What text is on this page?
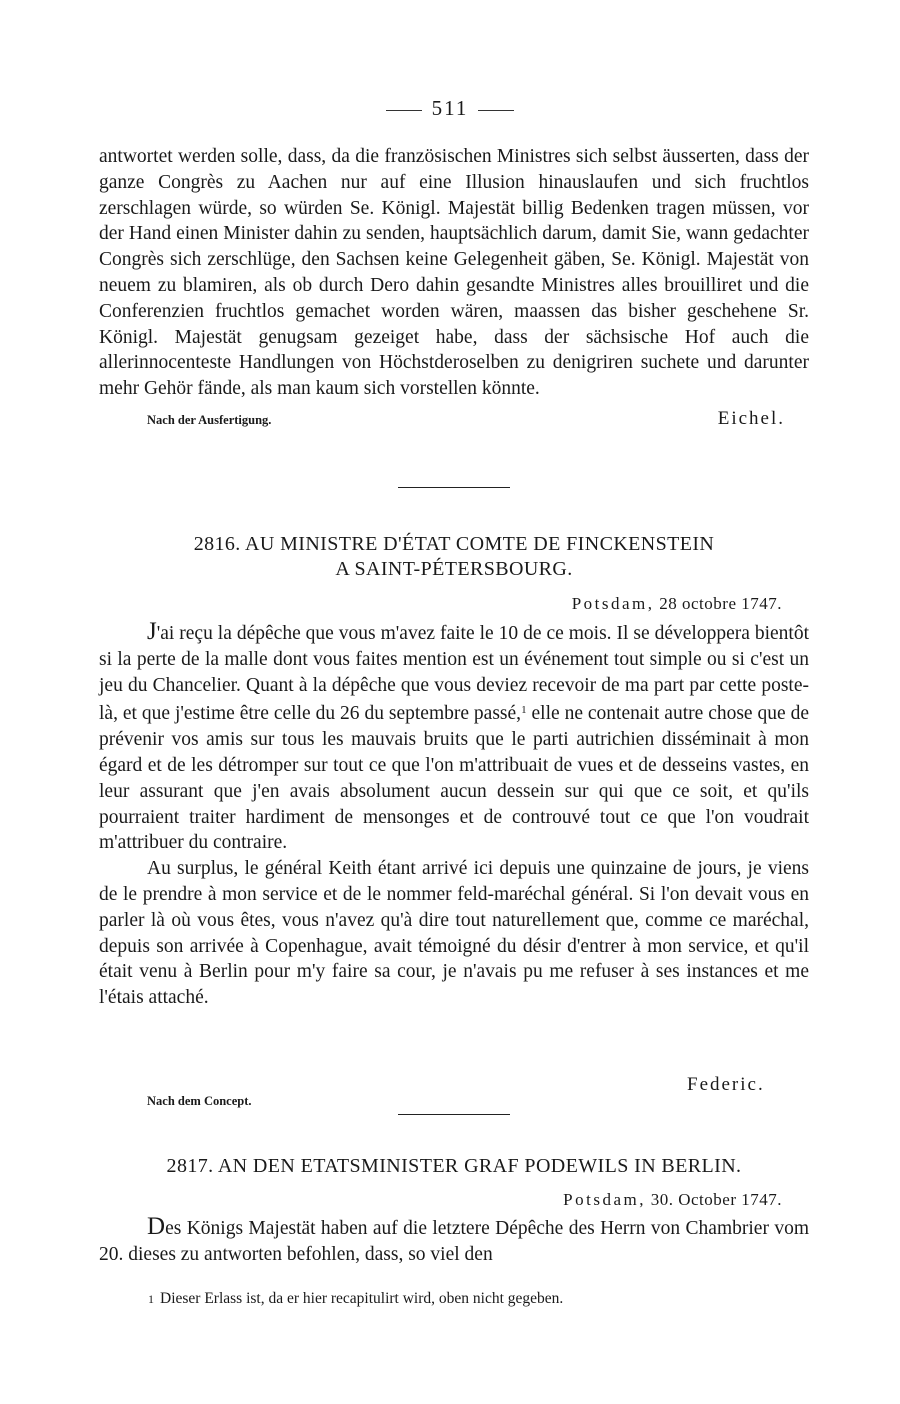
511

antwortet werden solle, dass, da die französischen Ministres sich selbst äusserten, dass der ganze Congrès zu Aachen nur auf eine Illusion hinauslaufen und sich fruchtlos zerschlagen würde, so würden Se. Königl. Majestät billig Bedenken tragen müssen, vor der Hand einen Minister dahin zu senden, hauptsächlich darum, damit Sie, wann gedachter Congrès sich zerschlüge, den Sachsen keine Gelegenheit gäben, Se. Königl. Majestät von neuem zu blamiren, als ob durch Dero dahin gesandte Ministres alles brouilliret und die Conferenzien fruchtlos gemachet worden wären, maassen das bisher geschehene Sr. Königl. Majestät genugsam gezeiget habe, dass der sächsische Hof auch die allerinnocenteste Handlungen von Höchstderoselben zu denigriren suchete und darunter mehr Gehör fände, als man kaum sich vorstellen könnte.

Nach der Ausfertigung.	Eichel.
2816. AU MINISTRE D'ÉTAT COMTE DE FINCKENSTEIN
A SAINT-PÉTERSBOURG.
Potsdam, 28 octobre 1747.

J'ai reçu la dépêche que vous m'avez faite le 10 de ce mois. Il se développera bientôt si la perte de la malle dont vous faites mention est un événement tout simple ou si c'est un jeu du Chancelier. Quant à la dépêche que vous deviez recevoir de ma part par cette poste-là, et que j'estime être celle du 26 du septembre passé,$^1$ elle ne contenait autre chose que de prévenir vos amis sur tous les mauvais bruits que le parti autrichien disséminait à mon égard et de les détromper sur tout ce que l'on m'attribuait de vues et de desseins vastes, en leur assurant que j'en avais absolument aucun dessein sur qui que ce soit, et qu'ils pourraient traiter hardiment de mensonges et de controuvé tout ce que l'on voudrait m'attribuer du contraire.

Au surplus, le général Keith étant arrivé ici depuis une quinzaine de jours, je viens de le prendre à mon service et de le nommer feld-maréchal général. Si l'on devait vous en parler là où vous êtes, vous n'avez qu'à dire tout naturellement que, comme ce maréchal, depuis son arrivée à Copenhague, avait témoigné du désir d'entrer à mon service, et qu'il était venu à Berlin pour m'y faire sa cour, je n'avais pu me refuser à ses instances et me l'étais attaché.

Federic.
Nach dem Concept.
2817. AN DEN ETATSMINISTER GRAF PODEWILS IN BERLIN.
Potsdam, 30. October 1747.

Des Königs Majestät haben auf die letztere Dépêche des Herrn von Chambrier vom 20. dieses zu antworten befohlen, dass, so viel den

1 Dieser Erlass ist, da er hier recapitulirt wird, oben nicht gegeben.
